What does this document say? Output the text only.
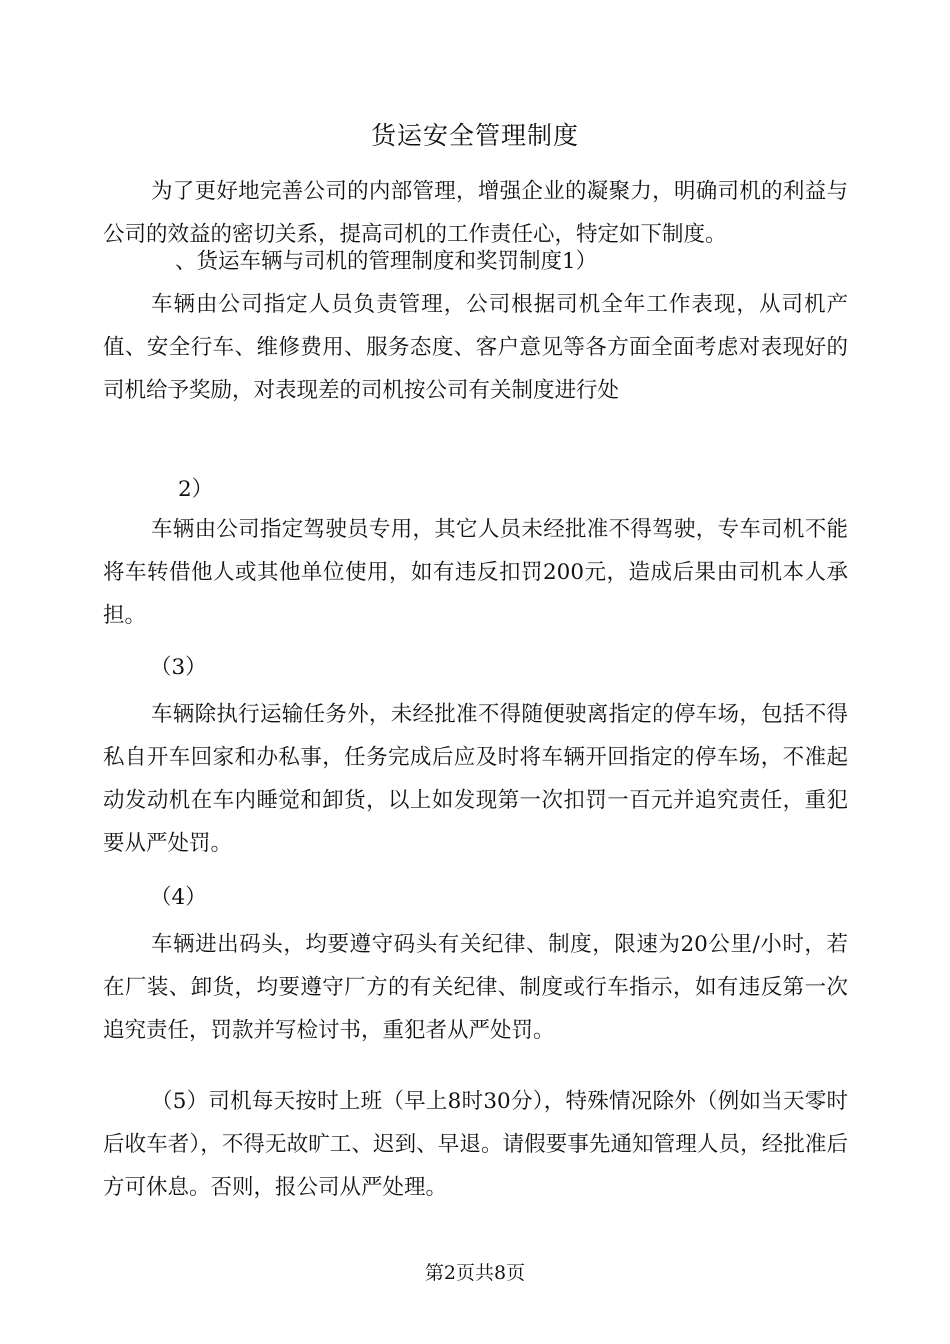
货运安全管理制度

为了更好地完善公司的内部管理，增强企业的凝聚力，明确司机的利益与公司的效益的密切关系，提高司机的工作责任心，特定如下制度。

、货运车辆与司机的管理制度和奖罚制度1）

车辆由公司指定人员负责管理，公司根据司机全年工作表现，从司机产值、安全行车、维修费用、服务态度、客户意见等各方面全面考虑对表现好的司机给予奖励，对表现差的司机按公司有关制度进行处

2）

车辆由公司指定驾驶员专用，其它人员未经批准不得驾驶，专车司机不能将车转借他人或其他单位使用，如有违反扣罚200元，造成后果由司机本人承担。

（3）

车辆除执行运输任务外，未经批准不得随便驶离指定的停车场，包括不得私自开车回家和办私事，任务完成后应及时将车辆开回指定的停车场，不准起动发动机在车内睡觉和卸货，以上如发现第一次扣罚一百元并追究责任，重犯要从严处罚。

（4）

车辆进出码头，均要遵守码头有关纪律、制度，限速为20公里/小时，若在厂装、卸货，均要遵守厂方的有关纪律、制度或行车指示，如有违反第一次追究责任，罚款并写检讨书，重犯者从严处罚。

（5）司机每天按时上班（早上8时30分），特殊情况除外（例如当天零时后收车者），不得无故旷工、迟到、早退。请假要事先通知管理人员，经批准后方可休息。否则，报公司从严处理。

第2页共8页
